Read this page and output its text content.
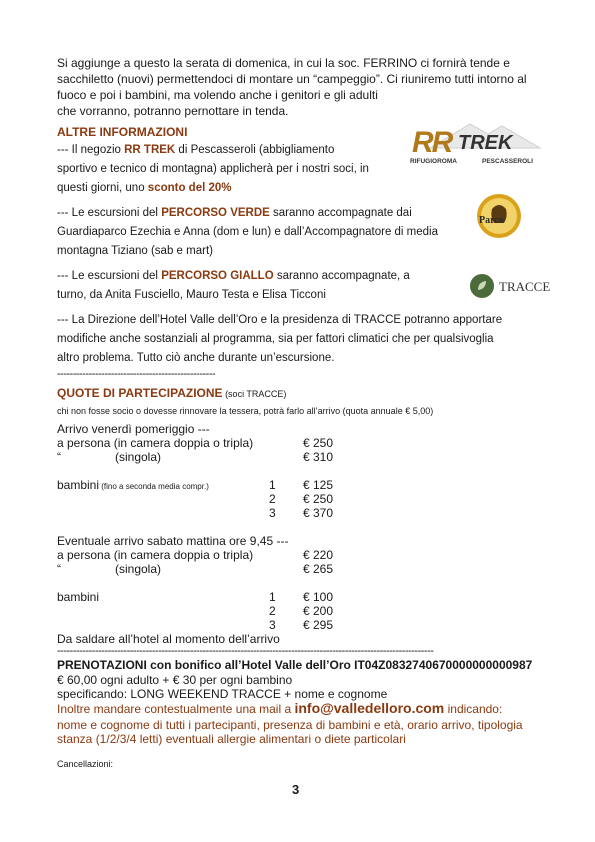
Si aggiunge a questo la serata di domenica, in cui la soc. FERRINO ci fornirà tende e
sacchiletto (nuovi) permettendoci di montare un “campeggio”. Ci riuniremo tutti intorno al
fuoco e poi i bambini, ma volendo anche i genitori e gli adulti
che vorranno, potranno pernottare in tenda.
ALTRE INFORMAZIONI
--- Il negozio RR TREK di Pescasseroli (abbigliamento
sportivo e tecnico di montagna) applicherà per i nostri soci, in
questi giorni, uno sconto del 20%
--- Le escursioni del PERCORSO VERDE saranno accompagnate dai
Guardiaparco Ezechia e Anna (dom e lun) e dall’Accompagnatore di media
montagna Tiziano (sab e mart)
--- Le escursioni del PERCORSO GIALLO saranno accompagnate, a
turno, da Anita Fusciello, Mauro Testa e Elisa Ticconi
--- La Direzione dell’Hotel Valle dell’Oro e la presidenza di TRACCE potranno apportare
modifiche anche sostanziali al programma, sia per fattori climatici che per qualsivoglia
altro problema. Tutto ciò anche durante un’escursione.
--------------------------------------------------
RR TREK
RIFUGIOROMA	PESCASSEROLI
Parco
TRACCE
QUOTE DI PARTECIPAZIONE (soci TRACCE)
chi non fosse socio o dovesse rinnovare la tessera, potrà farlo all’arrivo (quota annuale € 5,00)
Arrivo venerdì pomeriggio ---
a persona (in camera doppia o tripla)	€ 250
“	(singola)	€ 310
bambini (fino a seconda media compr.)	1 € 125
2 € 250
3 € 370
Eventuale arrivo sabato mattina ore 9,45 ---
a persona (in camera doppia o tripla)	€ 220
“	(singola)	€ 265
bambini	1 € 100
2 € 200
3 € 295
Da saldare all’hotel al momento dell’arrivo
-----------------------------------------------------------------------------------------------------------------------
PRENOTAZIONI con bonifico all’Hotel Valle dell’Oro IT04Z0832740670000000000987
€ 60,00 ogni adulto + € 30 per ogni bambino
specificando: LONG WEEKEND TRACCE + nome e cognome
Inoltre mandare contestualmente una mail a info@valledelloro.com indicando:
nome e cognome di tutti i partecipanti, presenza di bambini e età, orario arrivo, tipologia
stanza (1/2/3/4 letti) eventuali allergie alimentari o diete particolari
Cancellazioni:
3
